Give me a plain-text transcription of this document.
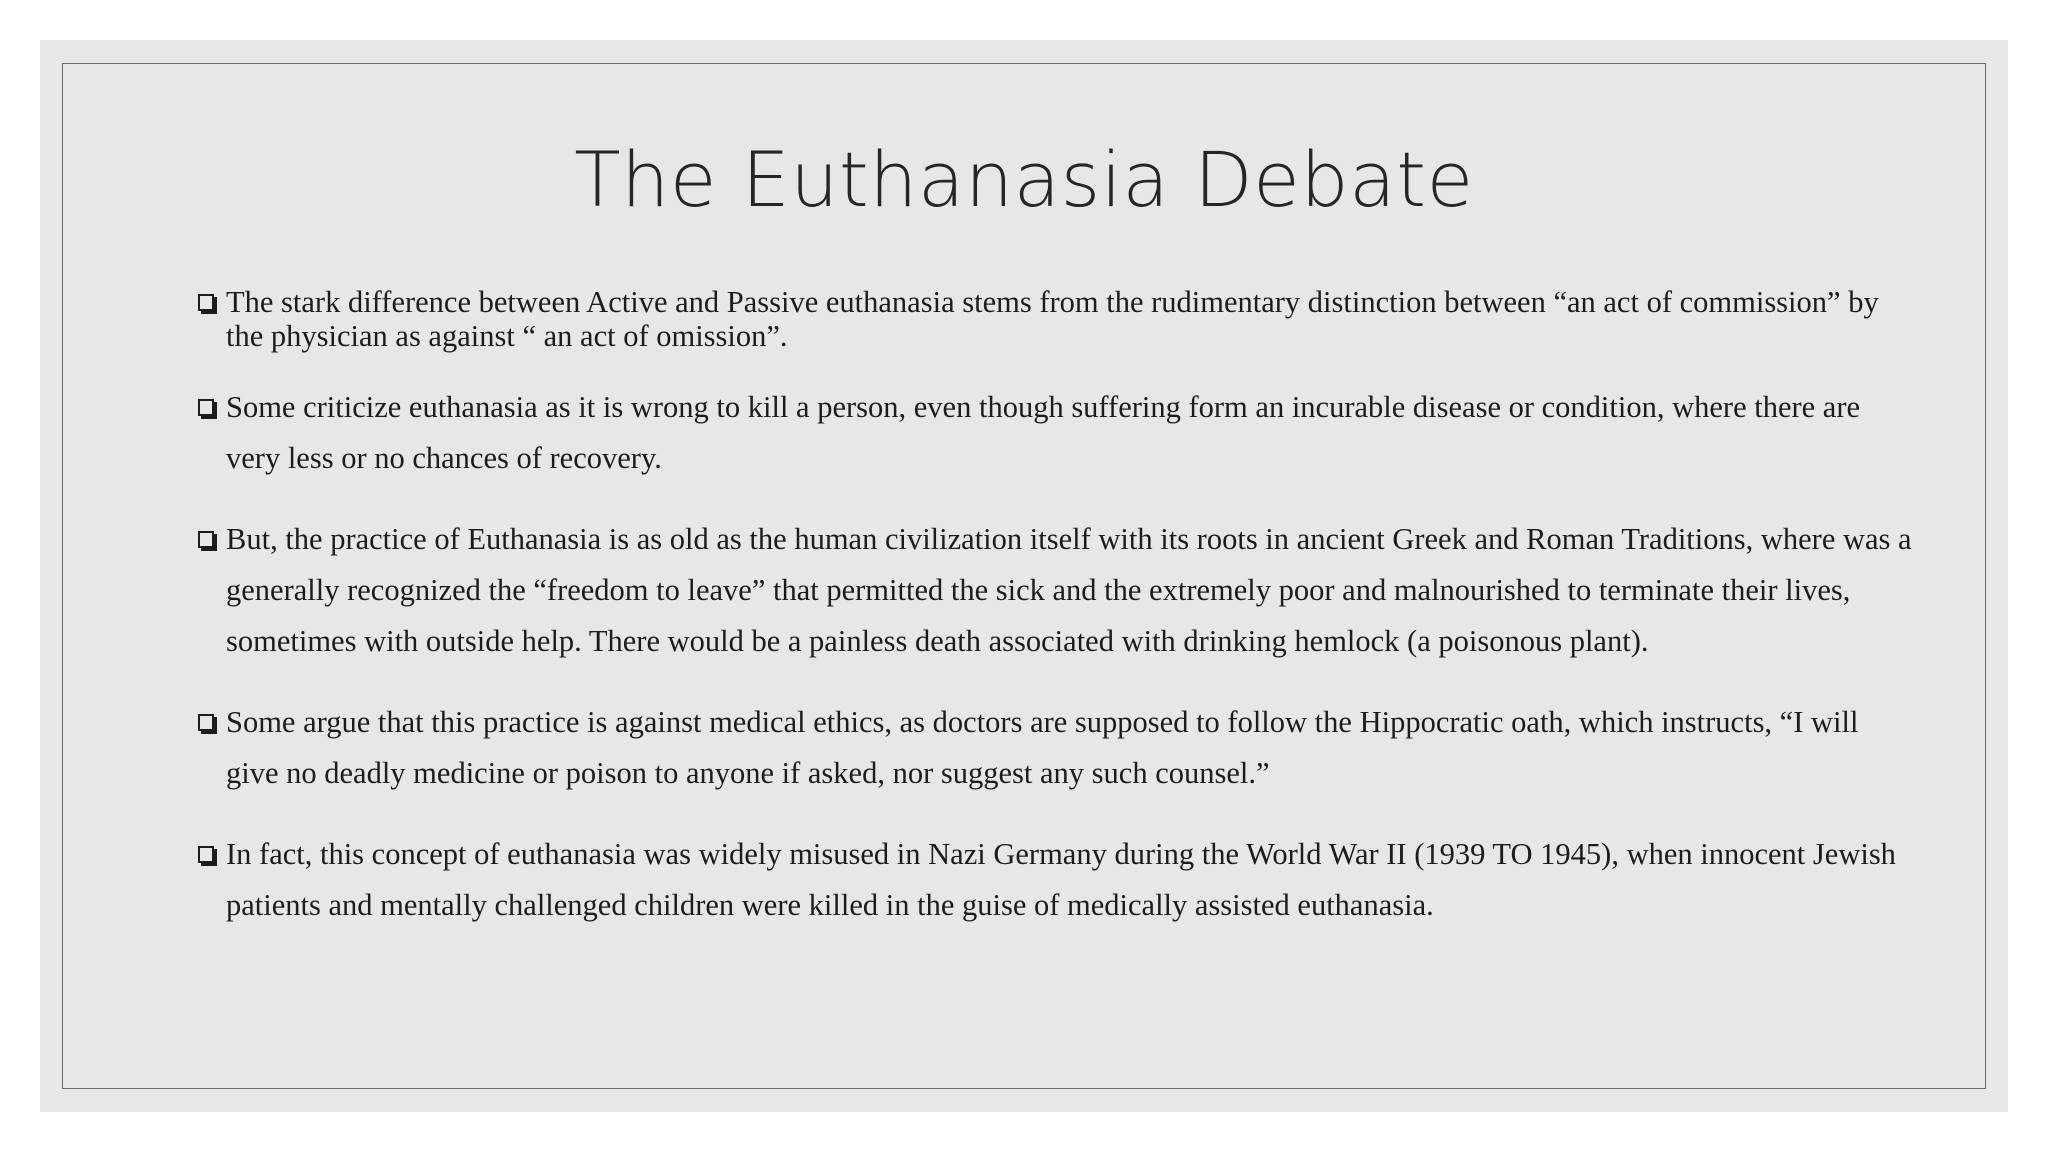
The Euthanasia Debate
The stark difference between Active and Passive euthanasia stems from the rudimentary distinction between “an act of commission” by the physician as against “ an act of omission”.
Some criticize euthanasia as it is wrong to kill a person, even though suffering form an incurable disease or condition, where there are very less or no chances of recovery.
But, the practice of Euthanasia is as old as the human civilization itself with its roots in ancient Greek and Roman Traditions, where was a generally recognized the “freedom to leave” that permitted the sick and the extremely poor and malnourished to terminate their lives, sometimes with outside help. There would be a painless death associated with drinking hemlock (a poisonous plant).
Some argue that this practice is against medical ethics, as doctors are supposed to follow the Hippocratic oath, which instructs, “I will give no deadly medicine or poison to anyone if asked, nor suggest any such counsel.”
In fact, this concept of euthanasia was widely misused in Nazi Germany during the World War II (1939 TO 1945), when innocent Jewish patients and mentally challenged children were killed in the guise of medically assisted euthanasia.
